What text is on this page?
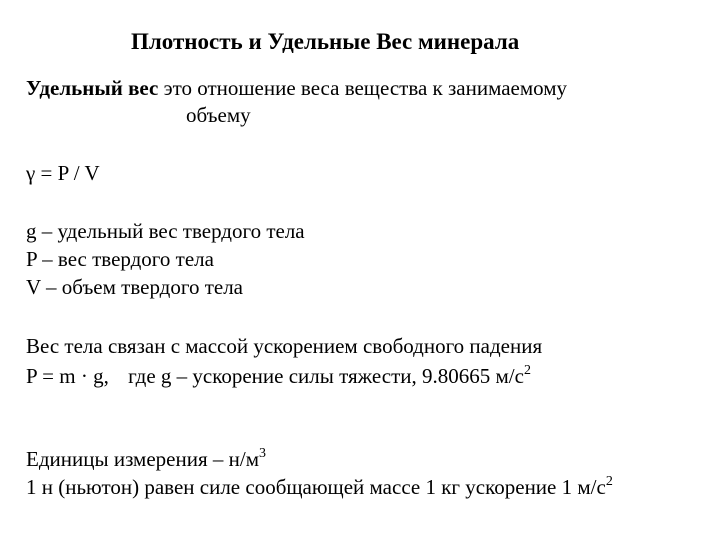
Плотность и Удельные Вес минерала
Удельный вес это отношение веса вещества к занимаемому
объему
γ = P / V
g – удельный вес твердого тела
P – вес твердого тела
V – объем твердого тела
Вес тела связан с массой ускорением свободного падения
P = m · g, где g – ускорение силы тяжести, 9.80665 $м/с^2$
Единицы измерения – $н/м^3$
1 н (ньютон) равен силе сообщающей массе 1 кг ускорение 1 $м/с^2$
